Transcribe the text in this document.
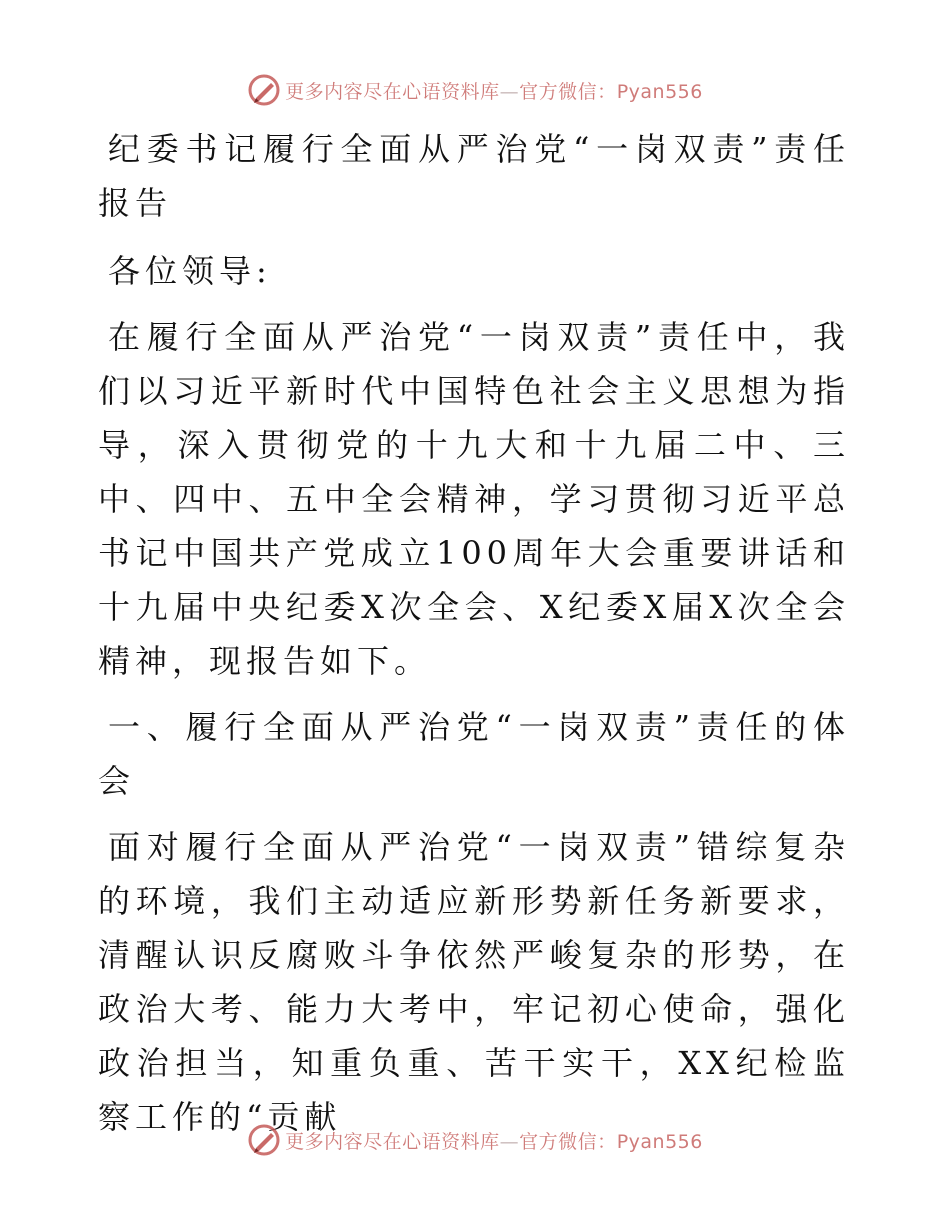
更多内容尽在心语资料库—官方微信：Pyan556

纪委书记履行全面从严治党“一岗双责”责任报告

各位领导:

在履行全面从严治党“一岗双责”责任中，我们以习近平新时代中国特色社会主义思想为指导，深入贯彻党的十九大和十九届二中、三中、四中、五中全会精神，学习贯彻习近平总书记中国共产党成立100周年大会重要讲话和十九届中央纪委X次全会、X纪委X届X次全会精神，现报告如下。

一、履行全面从严治党“一岗双责”责任的体会

面对履行全面从严治党“一岗双责”错综复杂的环境，我们主动适应新形势新任务新要求，清醒认识反腐败斗争依然严峻复杂的形势，在政治大考、能力大考中，牢记初心使命，强化政治担当，知重负重、苦干实干，XX纪检监察工作的“贡献

更多内容尽在心语资料库—官方微信：Pyan556
